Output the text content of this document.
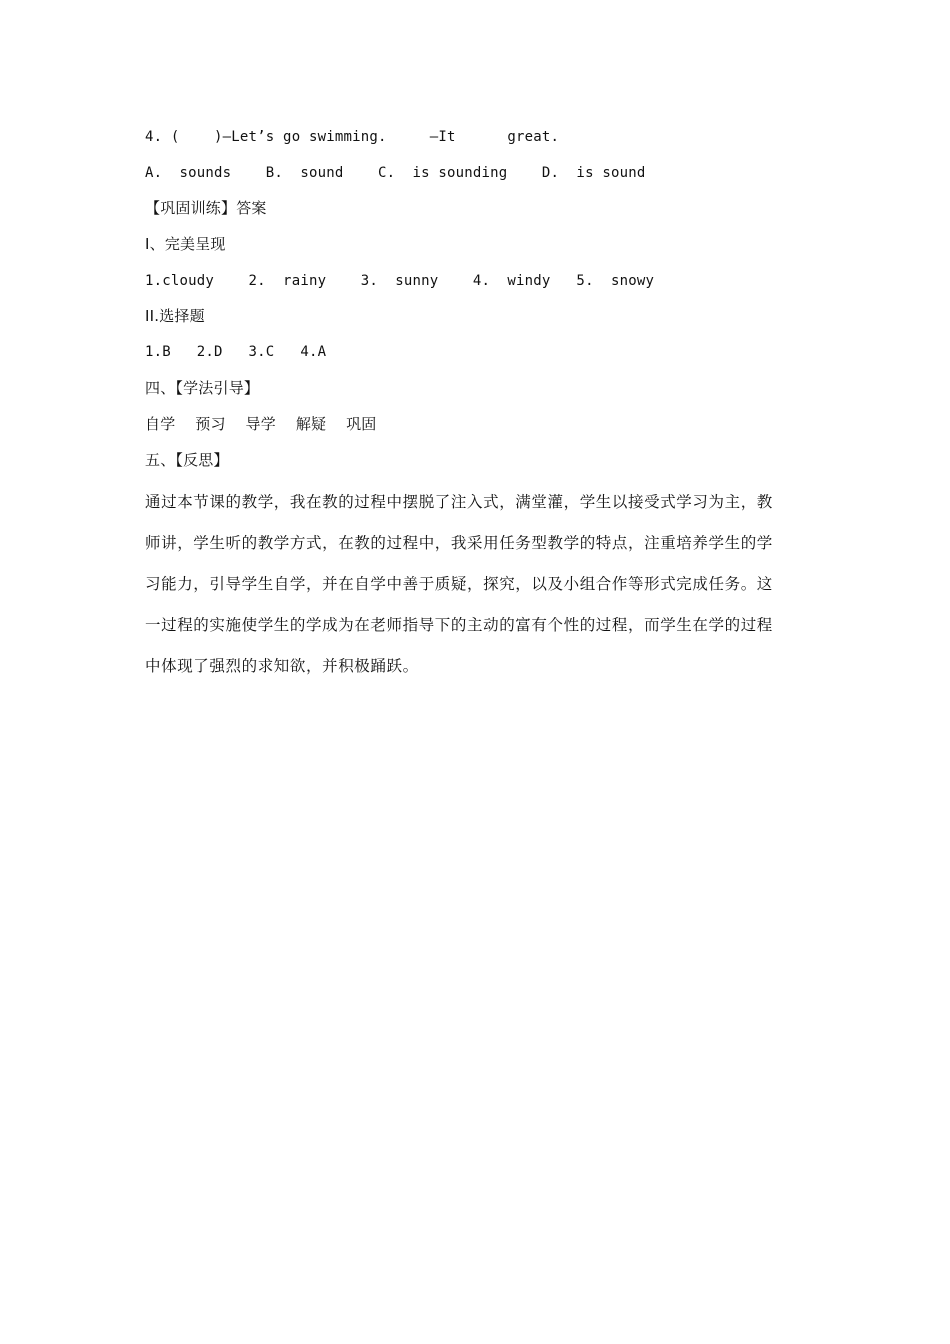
4. (    )—Let’s go swimming.     —It      great.
A.  sounds    B.  sound    C.  is sounding    D.  is sound
【巩固训练】答案
I、完美呈现
1.cloudy    2.  rainy    3.  sunny    4.  windy   5.  snowy
II.选择题
1.B   2.D   3.C   4.A
四、【学法引导】
自学    预习    导学    解疑    巩固
五、【反思】
通过本节课的教学，我在教的过程中摆脱了注入式，满堂灌，学生以接受式学习为主，教
师讲，学生听的教学方式，在教的过程中，我采用任务型教学的特点，注重培养学生的学
习能力，引导学生自学，并在自学中善于质疑，探究，以及小组合作等形式完成任务。这
一过程的实施使学生的学成为在老师指导下的主动的富有个性的过程，而学生在学的过程
中体现了强烈的求知欲，并积极踊跃。
